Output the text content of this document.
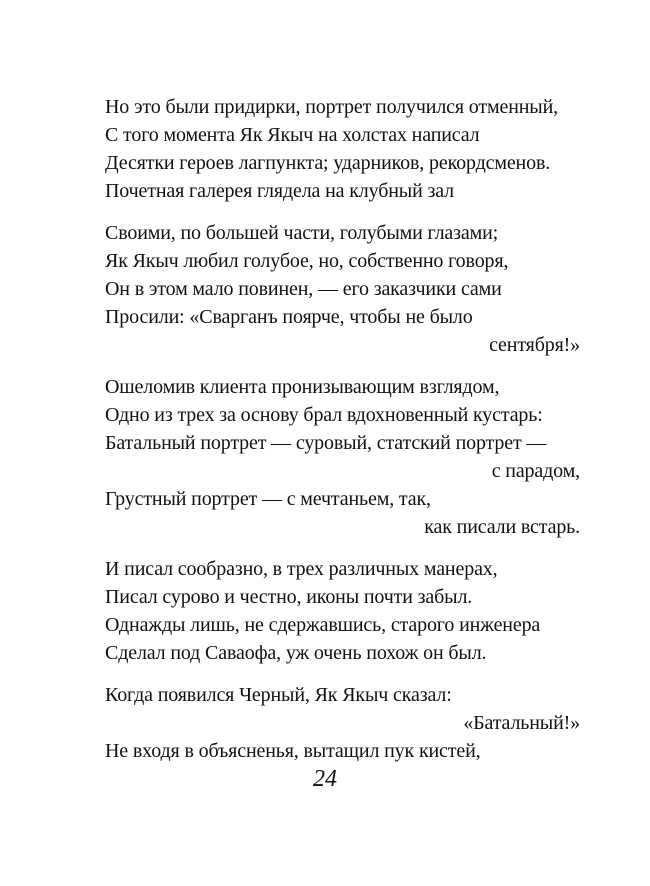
Но это были придирки, портрет получился отменный,
С того момента Як Якыч на холстах написал
Десятки героев лагпункта; ударников, рекордсменов.
Почетная галерея глядела на клубный зал
Своими, по большей части, голубыми глазами;
Як Якыч любил голубое, но, собственно говоря,
Он в этом мало повинен, — его заказчики сами
Просили: «Сварганъ поярче, чтобы не было
сентября!»
Ошеломив клиента пронизывающим взглядом,
Одно из трех за основу брал вдохновенный кустарь:
Батальный портрет — суровый, статский портрет —
с парадом,
Грустный портрет — с мечтаньем, так,
как писали встарь.
И писал сообразно, в трех различных манерах,
Писал сурово и честно, иконы почти забыл.
Однажды лишь, не сдержавшись, старого инженера
Сделал под Саваофа, уж очень похож он был.
Когда появился Черный, Як Якыч сказал:
«Батальный!»
Не входя в объясненья, вытащил пук кистей,
24
